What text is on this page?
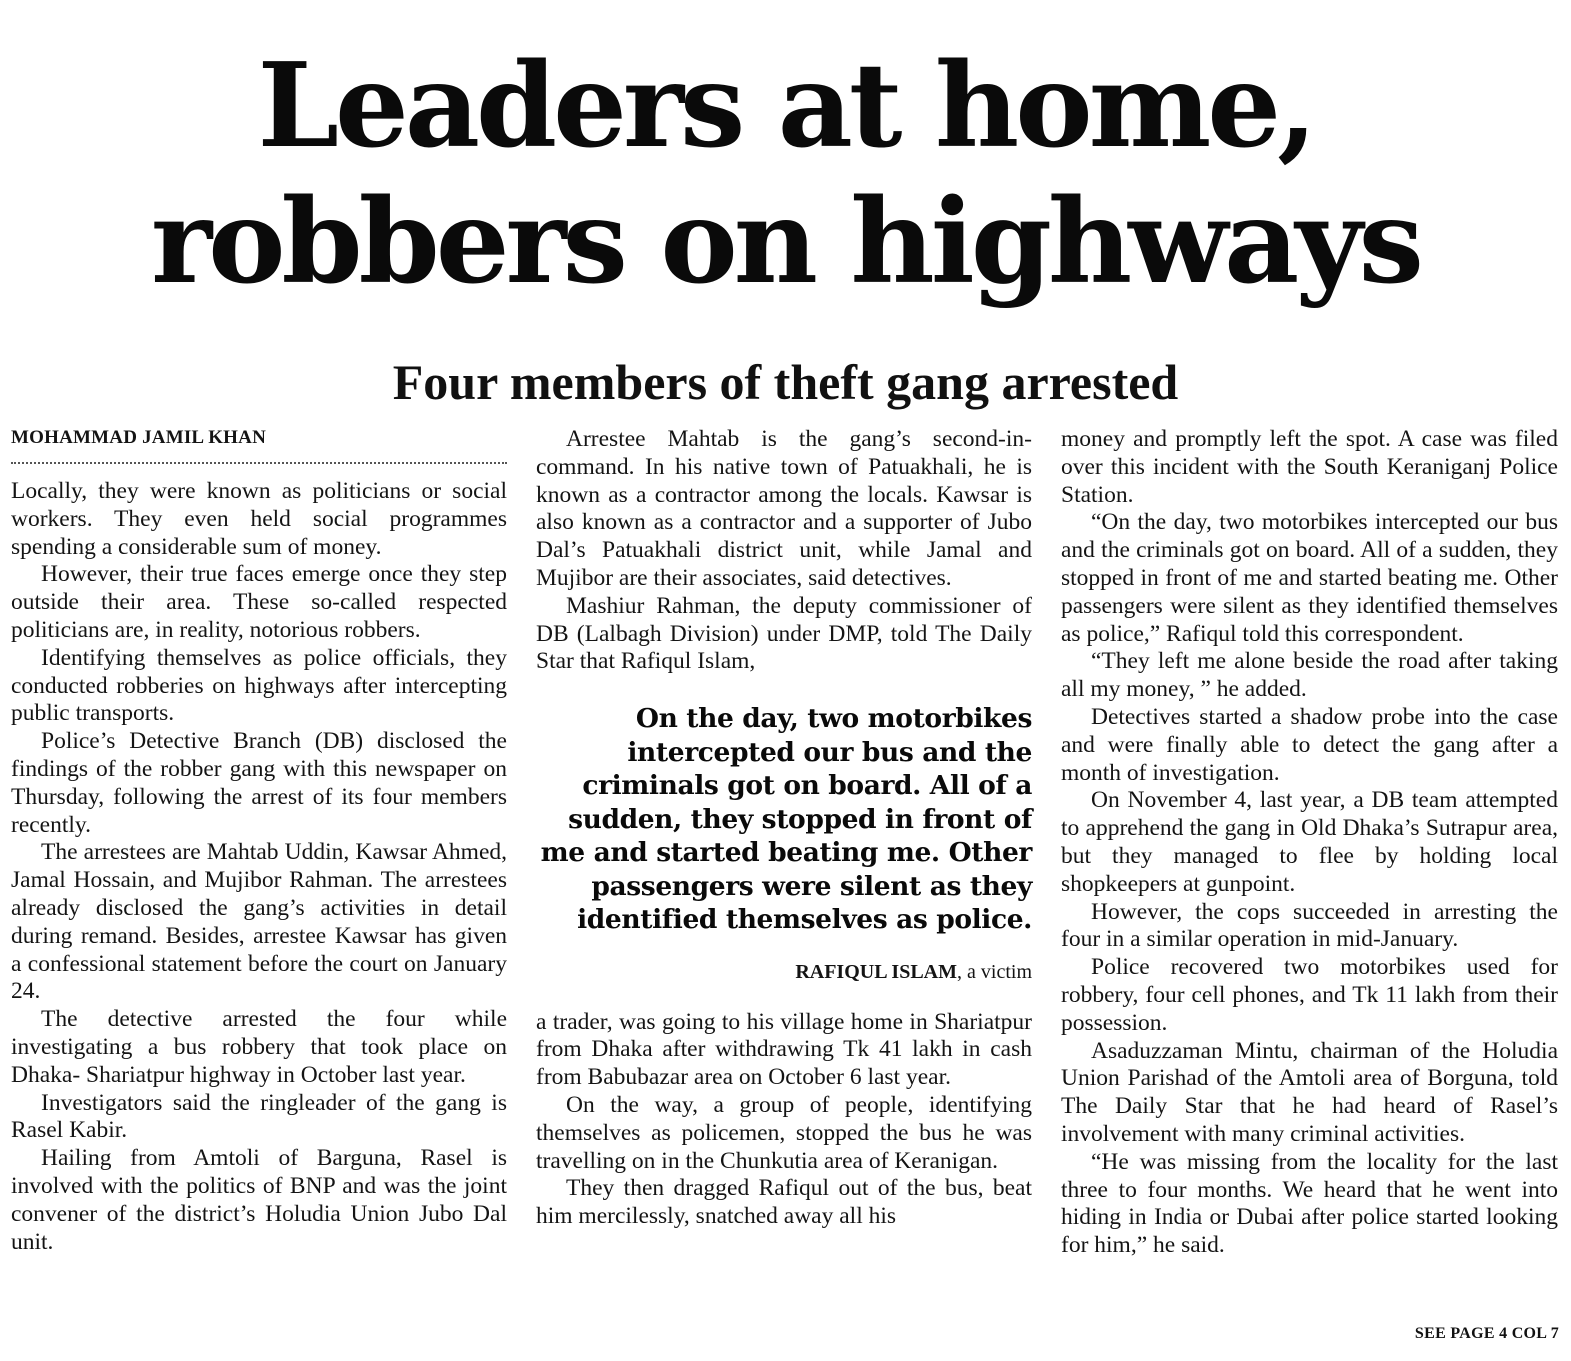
Leaders at home,
robbers on highways
Four members of theft gang arrested
MOHAMMAD JAMIL KHAN

Locally, they were known as politicians or social workers. They even held social programmes spending a considerable sum of money.

However, their true faces emerge once they step outside their area. These so-called respected politicians are, in reality, notorious robbers.

Identifying themselves as police officials, they conducted robberies on highways after intercepting public transports.

Police’s Detective Branch (DB) disclosed the findings of the robber gang with this newspaper on Thursday, following the arrest of its four members recently.

The arrestees are Mahtab Uddin, Kawsar Ahmed, Jamal Hossain, and Mujibor Rahman. The arrestees already disclosed the gang’s activities in detail during remand. Besides, arrestee Kawsar has given a confessional statement before the court on January 24.

The detective arrested the four while investigating a bus robbery that took place on Dhaka- Shariatpur highway in October last year.

Investigators said the ringleader of the gang is Rasel Kabir.

Hailing from Amtoli of Barguna, Rasel is involved with the politics of BNP and was the joint convener of the district’s Holudia Union Jubo Dal unit.

Arrestee Mahtab is the gang’s second-in-command. In his native town of Patuakhali, he is known as a contractor among the locals. Kawsar is also known as a contractor and a supporter of Jubo Dal’s Patuakhali district unit, while Jamal and Mujibor are their associates, said detectives.

Mashiur Rahman, the deputy commissioner of DB (Lalbagh Division) under DMP, told The Daily Star that Rafiqul Islam,

On the day, two motorbikes intercepted our bus and the criminals got on board. All of a sudden, they stopped in front of me and started beating me. Other passengers were silent as they identified themselves as police.
RAFIQUL ISLAM, a victim

a trader, was going to his village home in Shariatpur from Dhaka after withdrawing Tk 41 lakh in cash from Babubazar area on October 6 last year.

On the way, a group of people, identifying themselves as policemen, stopped the bus he was travelling on in the Chunkutia area of Keranigan.

They then dragged Rafiqul out of the bus, beat him mercilessly, snatched away all his

money and promptly left the spot. A case was filed over this incident with the South Keraniganj Police Station.

“On the day, two motorbikes intercepted our bus and the criminals got on board. All of a sudden, they stopped in front of me and started beating me. Other passengers were silent as they identified themselves as police,” Rafiqul told this correspondent.

“They left me alone beside the road after taking all my money, ” he added.

Detectives started a shadow probe into the case and were finally able to detect the gang after a month of investigation.

On November 4, last year, a DB team attempted to apprehend the gang in Old Dhaka’s Sutrapur area, but they managed to flee by holding local shopkeepers at gunpoint.

However, the cops succeeded in arresting the four in a similar operation in mid-January.

Police recovered two motorbikes used for robbery, four cell phones, and Tk 11 lakh from their possession.

Asaduzzaman Mintu, chairman of the Holudia Union Parishad of the Amtoli area of Borguna, told The Daily Star that he had heard of Rasel’s involvement with many criminal activities.

“He was missing from the locality for the last three to four months. We heard that he went into hiding in India or Dubai after police started looking for him,” he said.

SEE PAGE 4 COL 7
